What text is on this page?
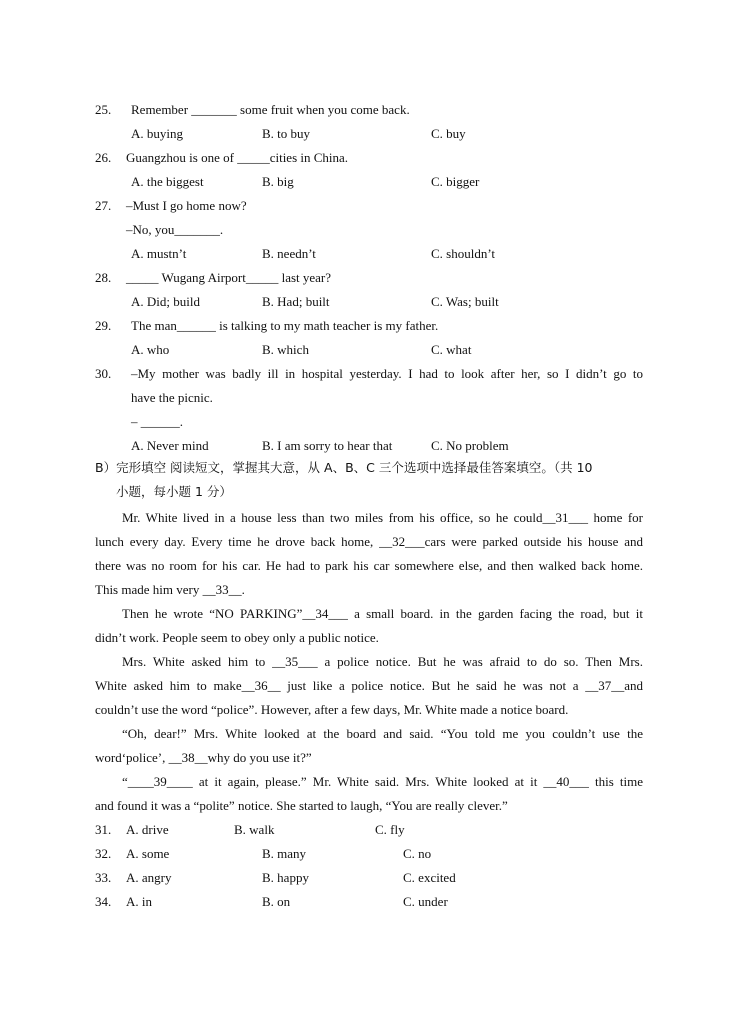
25. Remember _______ some fruit when you come back.
A. buying	B. to buy	C. buy
26. Guangzhou is one of _____cities in China.
A. the biggest	B. big	C. bigger
27. –Must I go home now?
–No, you_______.
A. mustn’t	B. needn’t	C. shouldn’t
28. _____ Wugang Airport_____ last year?
A. Did; build	B. Had; built	C. Was; built
29. The man______ is talking to my math teacher is my father.
A. who	B. which	C. what
30. –My mother was badly ill in hospital yesterday. I had to look after her, so I didn’t go to
have the picnic.
– ______.
A. Never mind	B. I am sorry to hear that	C. No problem
B）完形填空 阅读短文，掌握其大意，从 A、B、C 三个选项中选择最佳答案填空。（共 10
小题，每小题 1 分）
Mr. White lived in a house less than two miles from his office, so he could__31___ home for
lunch every day. Every time he drove back home, __32___cars were parked outside his house and
there was no room for his car. He had to park his car somewhere else, and then walked back home.
This made him very __33__.
Then he wrote “NO PARKING”__34___ a small board. in the garden facing the road, but it
didn’t work. People seem to obey only a public notice.
Mrs. White asked him to __35___ a police notice. But he was afraid to do so. Then Mrs.
White asked him to make__36__ just like a police notice. But he said he was not a __37__and
couldn’t use the word “police”. However, after a few days, Mr. White made a notice board.
“Oh, dear!” Mrs. White looked at the board and said. “You told me you couldn’t use the
word‘police’, __38__why do you use it?”
“____39____ at it again, please.” Mr. White said. Mrs. White looked at it __40___ this time
and found it was a “polite” notice. She started to laugh, “You are really clever.”
31. A. drive	B. walk	C. fly
32. A. some	B. many	C. no
33. A. angry	B. happy	C. excited
34. A. in	B. on	C. under
